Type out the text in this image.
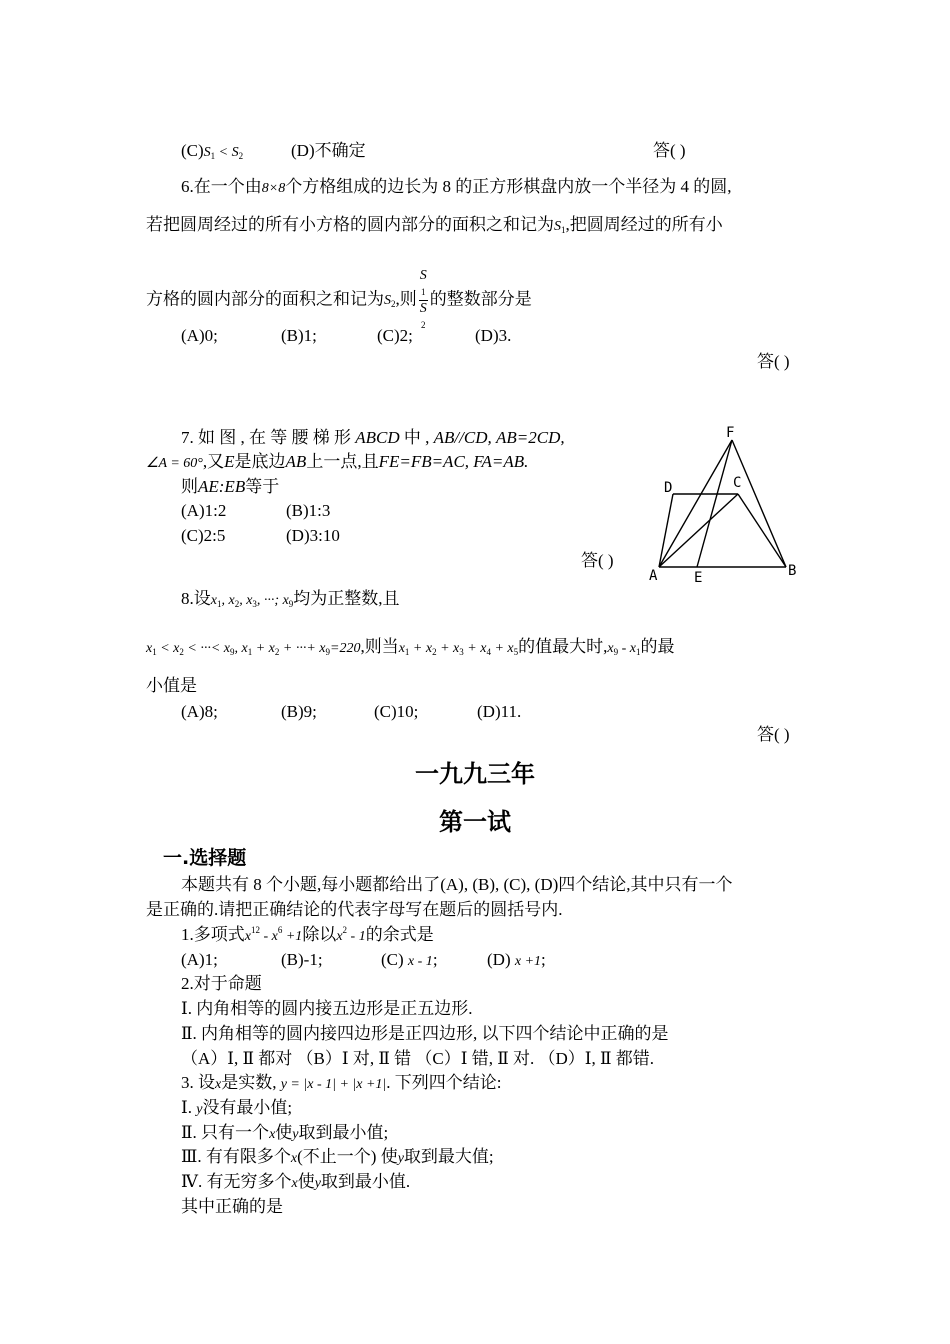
$(C)S_1 < S_2$	(D)不确定	答( )
6.在一个由8×8个方格组成的边长为 8 的正方形棋盘内放一个半径为 4 的圆,
若把圆周经过的所有小方格的圆内部分的面积之和记为$S_1$,把圆周经过的所有小
方格的圆内部分的面积之和记为$S_2$,则 S
1
S
2 的整数部分是
(A)0;	(B)1;	(C)2;	(D)3.
答( )
7. 如 图 , 在 等 腰 梯 形 ABCD 中 , AB//CD, AB=2CD,
∠A = 60°,又E是底边AB上一点,且FE=FB=AC, FA=AB.
则AE:EB等于
(A)1:2	(B)1:3
(C)2:5	(D)3:10
答( )
F
D	C
A	E	B
8.设$x_1$, $x_2$, $x_3$, ···; $x_9$均为正整数,且
$x_1 < x_2$ < ···< $x_9$, $x_1 + x_2$ + ···+ $x_9=220$,则当$x_1 + x_2 + x_3 + x_4 + x_5$的值最大时$,x_9 - x_1$的最
小值是
(A)8;	(B)9;	(C)10;	(D)11.
答( )
一九九三年
第一试
一.选择题
本题共有 8 个小题,每小题都给出了(A), (B), (C), (D)四个结论,其中只有一个
是正确的.请把正确结论的代表字母写在题后的圆括号内.
1.多项式$x^{12} - x^6 +1$除以$x^2 - 1$的余式是
(A)1;	(B)-1;	(C) x - 1;	(D) x +1;
2.对于命题
Ⅰ. 内角相等的圆内接五边形是正五边形.
Ⅱ. 内角相等的圆内接四边形是正四边形, 以下四个结论中正确的是
（A）Ⅰ, Ⅱ 都对 （B）Ⅰ 对, Ⅱ 错 （C）Ⅰ 错, Ⅱ 对. （D）Ⅰ, Ⅱ 都错.
3. 设x是实数, y = |x - 1| + |x +1|. 下列四个结论:
Ⅰ. y没有最小值;
Ⅱ. 只有一个x使y取到最小值;
Ⅲ. 有有限多个x(不止一个) 使y取到最大值;
Ⅳ. 有无穷多个x使y取到最小值.
其中正确的是
